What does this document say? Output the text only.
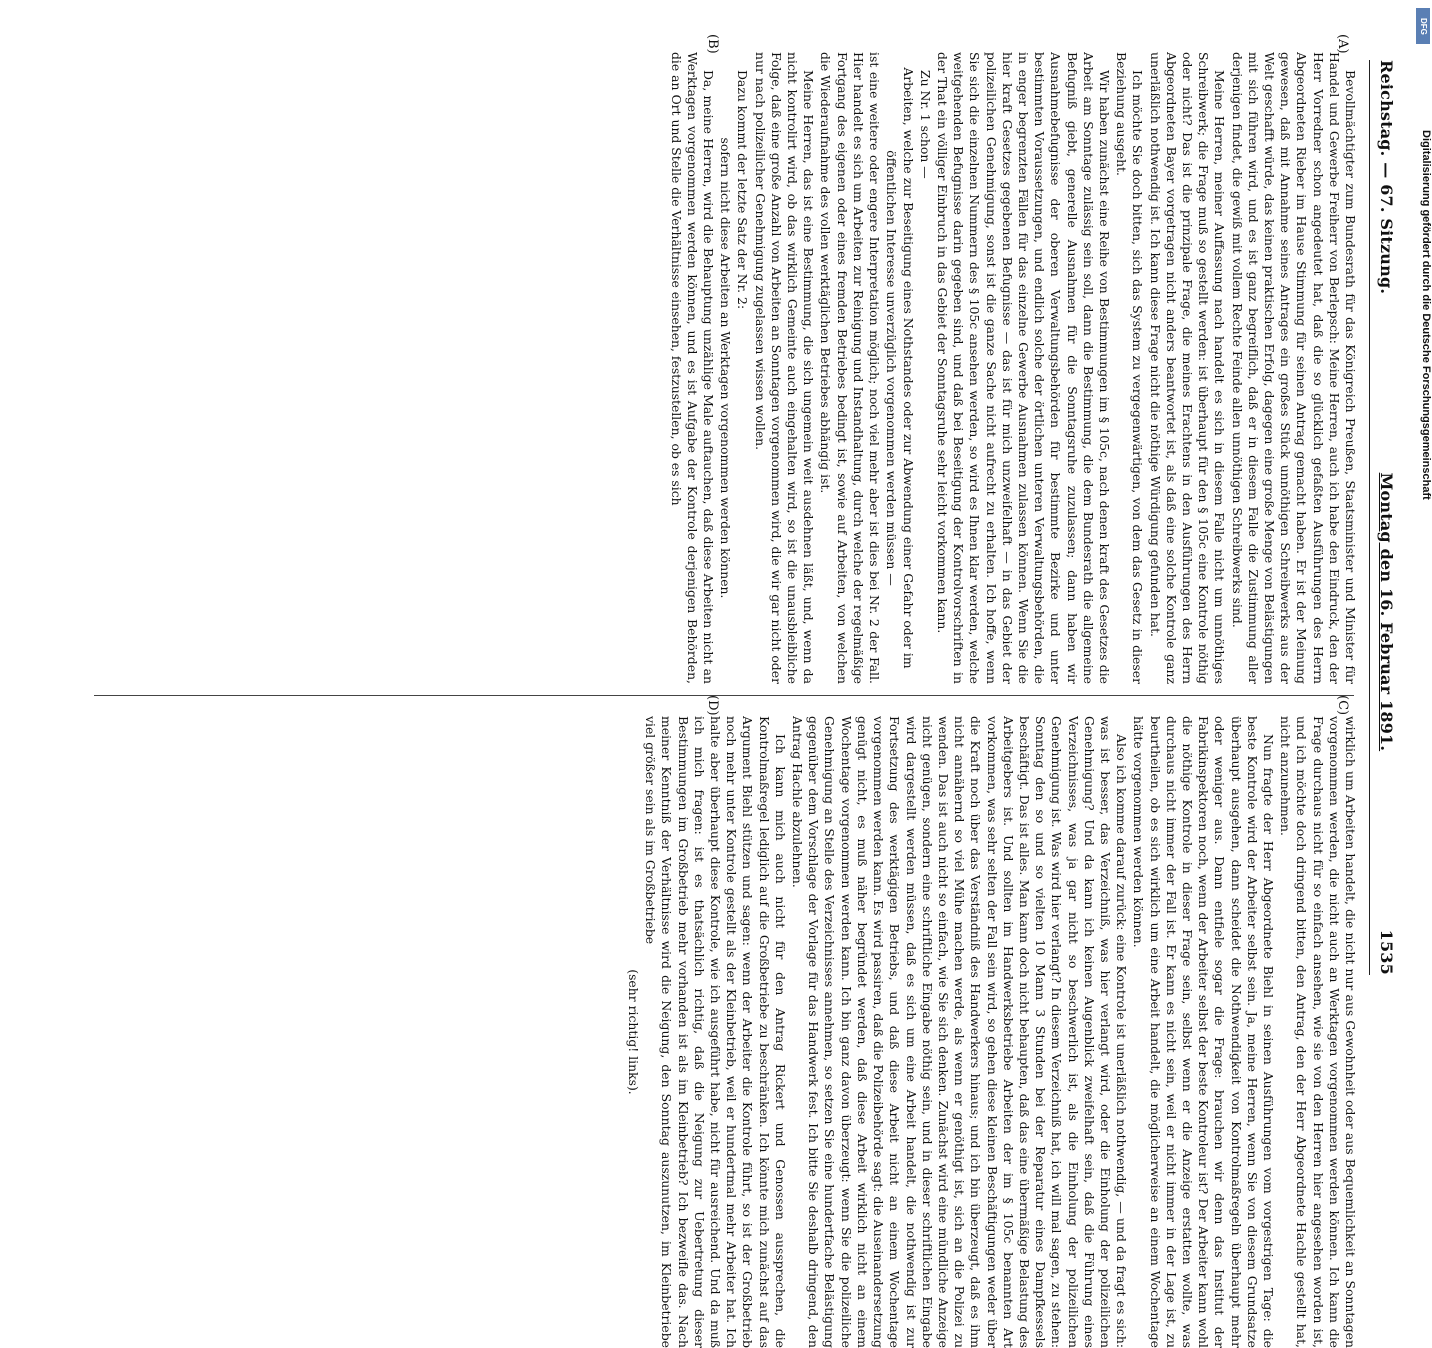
Reichstag. — 67. Sitzung.
Montag den 16. Februar 1891.
1535
(A)
(B)
(C)
(D)

Bevollmächtigter zum Bundesrath für das Königreich Preußen, Staatsminister und Minister für Handel und Gewerbe Freiherr von Berlepsch: Meine Herren, auch ich habe den Eindruck, den der Herr Vorredner schon angedeutet hat, daß die so glücklich gefaßten Ausführungen des Herrn Abgeordneten Rieber im Hause Stimmung für seinen Antrag gemacht haben. Er ist der Meinung gewesen, daß mit Annahme seines Antrages ein großes Stück unnöthigen Schreibwerks aus der Welt geschafft würde, das keinen praktischen Erfolg, dagegen eine große Menge von Belästigungen mit sich führen wird, und es ist ganz begreiflich, daß er in diesem Falle die Zustimmung aller derjenigen findet, die gewiß mit vollem Rechte Feinde allen unnöthigen Schreibwerks sind.

Meine Herren, meiner Auffassung nach handelt es sich in diesem Falle nicht um unnöthiges Schreibwerk; die Frage muß so gestellt werden: ist überhaupt für den § 105c eine Kontrole nöthig oder nicht? Das ist die prinzipale Frage, die meines Erachtens in den Ausführungen des Herrn Abgeordneten Bayer vorgetragen nicht anders beantwortet ist, als daß eine solche Kontrole ganz unerläßlich nothwendig ist. Ich kann diese Frage nicht die nöthige Würdigung gefunden hat.

Ich möchte Sie doch bitten, sich das System zu vergegenwärtigen, von dem das Gesetz in dieser Beziehung ausgeht.

Wir haben zunächst eine Reihe von Bestimmungen im § 105c, nach denen kraft des Gesetzes die Arbeit am Sonntage zulässig sein soll, dann die Bestimmung, die dem Bundesrath die allgemeine Befugniß giebt, generelle Ausnahmen für die Sonntagsruhe zuzulassen; dann haben wir Ausnahmebefugnisse der oberen Verwaltungsbehörden für bestimmte Bezirke und unter bestimmten Voraussetzungen, und endlich solche der örtlichen unteren Verwaltungsbehörden, die in enger begrenzten Fällen für das einzelne Gewerbe Ausnahmen zulassen können. Wenn Sie die hier kraft Gesetzes gegebenen Befugnisse — das ist für mich unzweifelhaft — in das Gebiet der polizeilichen Genehmigung, sonst ist die ganze Sache nicht aufrecht zu erhalten. Ich hoffe, wenn Sie sich die einzelnen Nummern des § 105c ansehen werden, so wird es Ihnen klar werden, welche weitgehenden Befugnisse darin gegeben sind, und daß bei Beseitigung der Kontrolvorschriften in der That ein völliger Einbruch in das Gebiet der Sonntagsruhe sehr leicht vorkommen kann.

Zu Nr. 1 schon —

Arbeiten, welche zur Beseitigung eines Nothstandes oder zur Abwendung einer Gefahr oder im öffentlichen Interesse unverzüglich vorgenommen werden müssen —

ist eine weitere oder engere Interpretation möglich; noch viel mehr aber ist dies bei Nr. 2 der Fall. Hier handelt es sich um Arbeiten zur Reinigung und Instandhaltung, durch welche der regelmäßige Fortgang des eigenen oder eines fremden Betriebes bedingt ist, sowie auf Arbeiten, von welchen die Wiederaufnahme des vollen werktäglichen Betriebes abhängig ist.

Meine Herren, das ist eine Bestimmung, die sich ungemein weit ausdehnen läßt, und, wenn da nicht kontrolirt wird, ob das wirklich Gemeinte auch eingehalten wird, so ist die unausbleibliche Folge, daß eine große Anzahl von Arbeiten an Sonntagen vorgenommen wird, die wir gar nicht oder nur nach polizeilicher Genehmigung zugelassen wissen wollen.

Dazu kommt der letzte Satz der Nr. 2:

sofern nicht diese Arbeiten an Werktagen vorgenommen werden können.

Da, meine Herren, wird die Behauptung unzählige Male auftauchen, daß diese Arbeiten nicht an Werktagen vorgenommen werden können, und es ist Aufgabe der Kontrole derjenigen Behörden, die an Ort und Stelle die Verhältnisse einsehen, festzustellen, ob es sich

wirklich um Arbeiten handelt, die nicht nur aus Gewohnheit oder aus Bequemlichkeit an Sonntagen vorgenommen werden, die nicht auch an Werktagen vorgenommen werden können. Ich kann die Frage durchaus nicht für so einfach ansehen, wie sie von den Herren hier angesehen worden ist, und ich möchte doch dringend bitten, den Antrag, den der Herr Abgeordnete Hachle gestellt hat, nicht anzunehmen.

Nun fragte der Herr Abgeordnete Biehl in seinen Ausführungen vom vorgestrigen Tage: die beste Kontrole wird der Arbeiter selbst sein. Ja, meine Herren, wenn Sie von diesem Grundsatze überhaupt ausgehen, dann scheidet die Nothwendigkeit von Kontrolmaßregeln überhaupt mehr oder weniger aus. Dann entfiele sogar die Frage: brauchen wir denn das Institut der Fabrikinspektoren noch, wenn der Arbeiter selbst der beste Kontroleur ist? Der Arbeiter kann wohl die nöthige Kontrole in dieser Frage sein, selbst wenn er die Anzeige erstatten wollte, was durchaus nicht immer der Fall ist. Er kann es nicht sein, weil er nicht immer in der Lage ist, zu beurtheilen, ob es sich wirklich um eine Arbeit handelt, die möglicherweise an einem Wochentage hätte vorgenommen werden können.

Also ich komme darauf zurück: eine Kontrole ist unerläßlich nothwendig, — und da fragt es sich: was ist besser, das Verzeichniß, was hier verlangt wird, oder die Einholung der polizeilichen Genehmigung? Und da kann ich keinen Augenblick zweifelhaft sein, daß die Führung eines Verzeichnisses, was ja gar nicht so beschwerlich ist, als die Einholung der polizeilichen Genehmigung ist. Was wird hier verlangt? In diesem Verzeichniß hat, ich will mal sagen, zu stehen: Sonntag den so und so vielten 10 Mann 3 Stunden bei der Reparatur eines Dampfkessels beschäftigt. Das ist alles. Man kann doch nicht behaupten, daß das eine übermäßige Belastung des Arbeitgebers ist. Und sollten im Handwerksbetriebe Arbeiten der im § 105c benannten Art vorkommen, was sehr selten der Fall sein wird, so gehen diese kleinen Beschäftigungen weder über die Kraft noch über das Verständniß des Handwerkers hinaus; und ich bin überzeugt, daß es ihm nicht annähernd so viel Mühe machen werde, als wenn er genöthigt ist, sich an die Polizei zu wenden. Das ist auch nicht so einfach, wie Sie sich denken. Zunächst wird eine mündliche Anzeige nicht genügen, sondern eine schriftliche Eingabe nöthig sein, und in dieser schriftlichen Eingabe wird dargestellt werden müssen, daß es sich um eine Arbeit handelt, die nothwendig ist zur Fortsetzung des werktägigen Betriebs, und daß diese Arbeit nicht an einem Wochentage vorgenommen werden kann. Es wird passiren, daß die Polizeibehörde sagt: die Auseinandersetzung genügt nicht, es muß näher begründet werden, daß diese Arbeit wirklich nicht an einem Wochentage vorgenommen werden kann. Ich bin ganz davon überzeugt: wenn Sie die polizeiliche Genehmigung an Stelle des Verzeichnisses annehmen, so setzen Sie eine hundertfache Belästigung gegenüber dem Vorschlage der Vorlage für das Handwerk fest. Ich bitte Sie deshalb dringend, den Antrag Hachle abzulehnen.

Ich kann mich auch nicht für den Antrag Rickert und Genossen aussprechen, die Kontrolmaßregel lediglich auf die Großbetriebe zu beschränken. Ich könnte mich zunächst auf das Argument Biehl stützen und sagen: wenn der Arbeiter die Kontrole führt, so ist der Großbetrieb noch mehr unter Kontrole gestellt als der Kleinbetrieb, weil er hundertmal mehr Arbeiter hat. Ich halte aber überhaupt diese Kontrole, wie ich ausgeführt habe, nicht für ausreichend. Und da muß ich mich fragen: ist es thatsächlich richtig, daß die Neigung zur Uebertretung dieser Bestimmungen im Großbetrieb mehr vorhanden ist als im Kleinbetrieb? Ich bezweifle das. Nach meiner Kenntniß der Verhältnisse wird die Neigung, den Sonntag auszunutzen, im Kleinbetriebe viel größer sein als im Großbetriebe

(sehr richtig! links).

DFG
Digitalisierung gefördert durch die Deutsche Forschungsgemeinschaft
